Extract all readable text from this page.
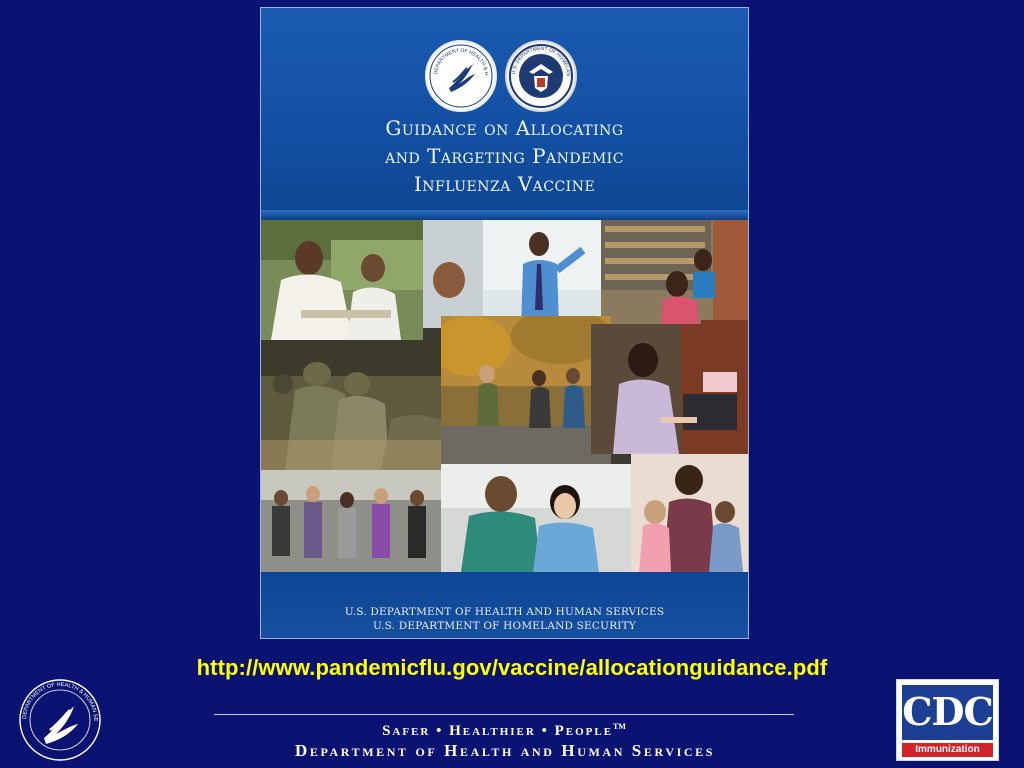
DEPARTMENT OF HEALTH & H	U.S. DEPARTMENT OF HOMELAN
Guidance on Allocating
and Targeting Pandemic
Influenza Vaccine
U.S. DEPARTMENT OF HEALTH AND HUMAN SERVICES
U.S. DEPARTMENT OF HOMELAND SECURITY
http://www.pandemicflu.gov/vaccine/allocationguidance.pdf
Safer • Healthier • People™
Department of Health and Human Services
DEPARTMENT OF HEALTH & HUMAN SE	CDC
Immunization
